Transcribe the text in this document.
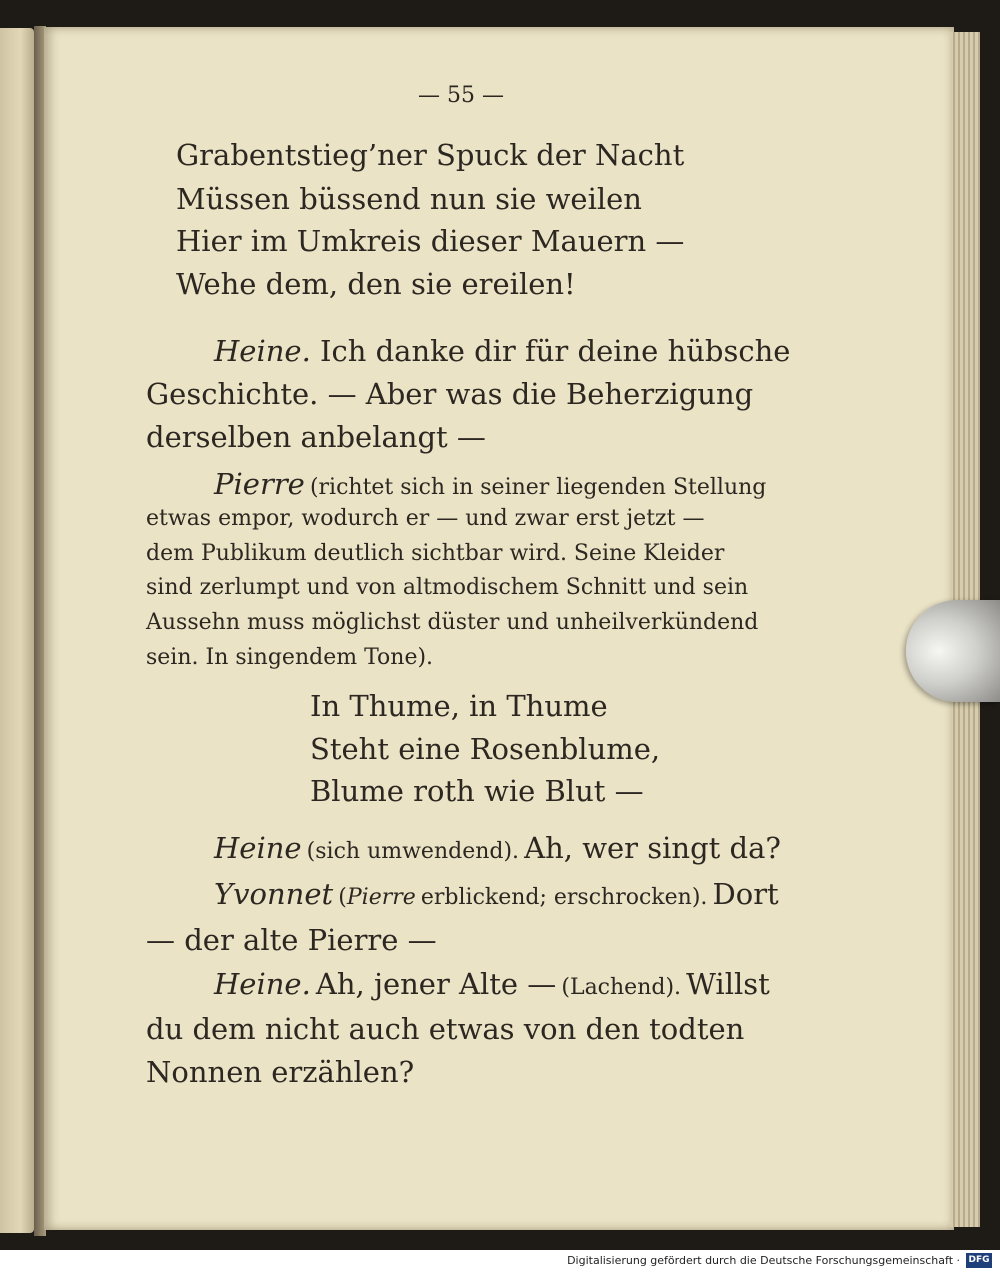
— 55 —
Grabentstieg’ner Spuck der Nacht
Müssen büssend nun sie weilen
Hier im Umkreis dieser Mauern —
Wehe dem, den sie ereilen!
Heine. Ich danke dir für deine hübsche
Geschichte. — Aber was die Beherzigung
derselben anbelangt —
Pierre (richtet sich in seiner liegenden Stellung
etwas empor, wodurch er — und zwar erst jetzt —
dem Publikum deutlich sichtbar wird. Seine Kleider
sind zerlumpt und von altmodischem Schnitt und sein
Aussehn muss möglichst düster und unheilverkündend
sein. In singendem Tone).
In Thume, in Thume
Steht eine Rosenblume,
Blume roth wie Blut —
Heine (sich umwendend). Ah, wer singt da?
Yvonnet (Pierre erblickend; erschrocken). Dort
— der alte Pierre —
Heine. Ah, jener Alte — (Lachend). Willst
du dem nicht auch etwas von den todten
Nonnen erzählen?
Digitalisierung gefördert durch die Deutsche Forschungsgemeinschaft · DFG
